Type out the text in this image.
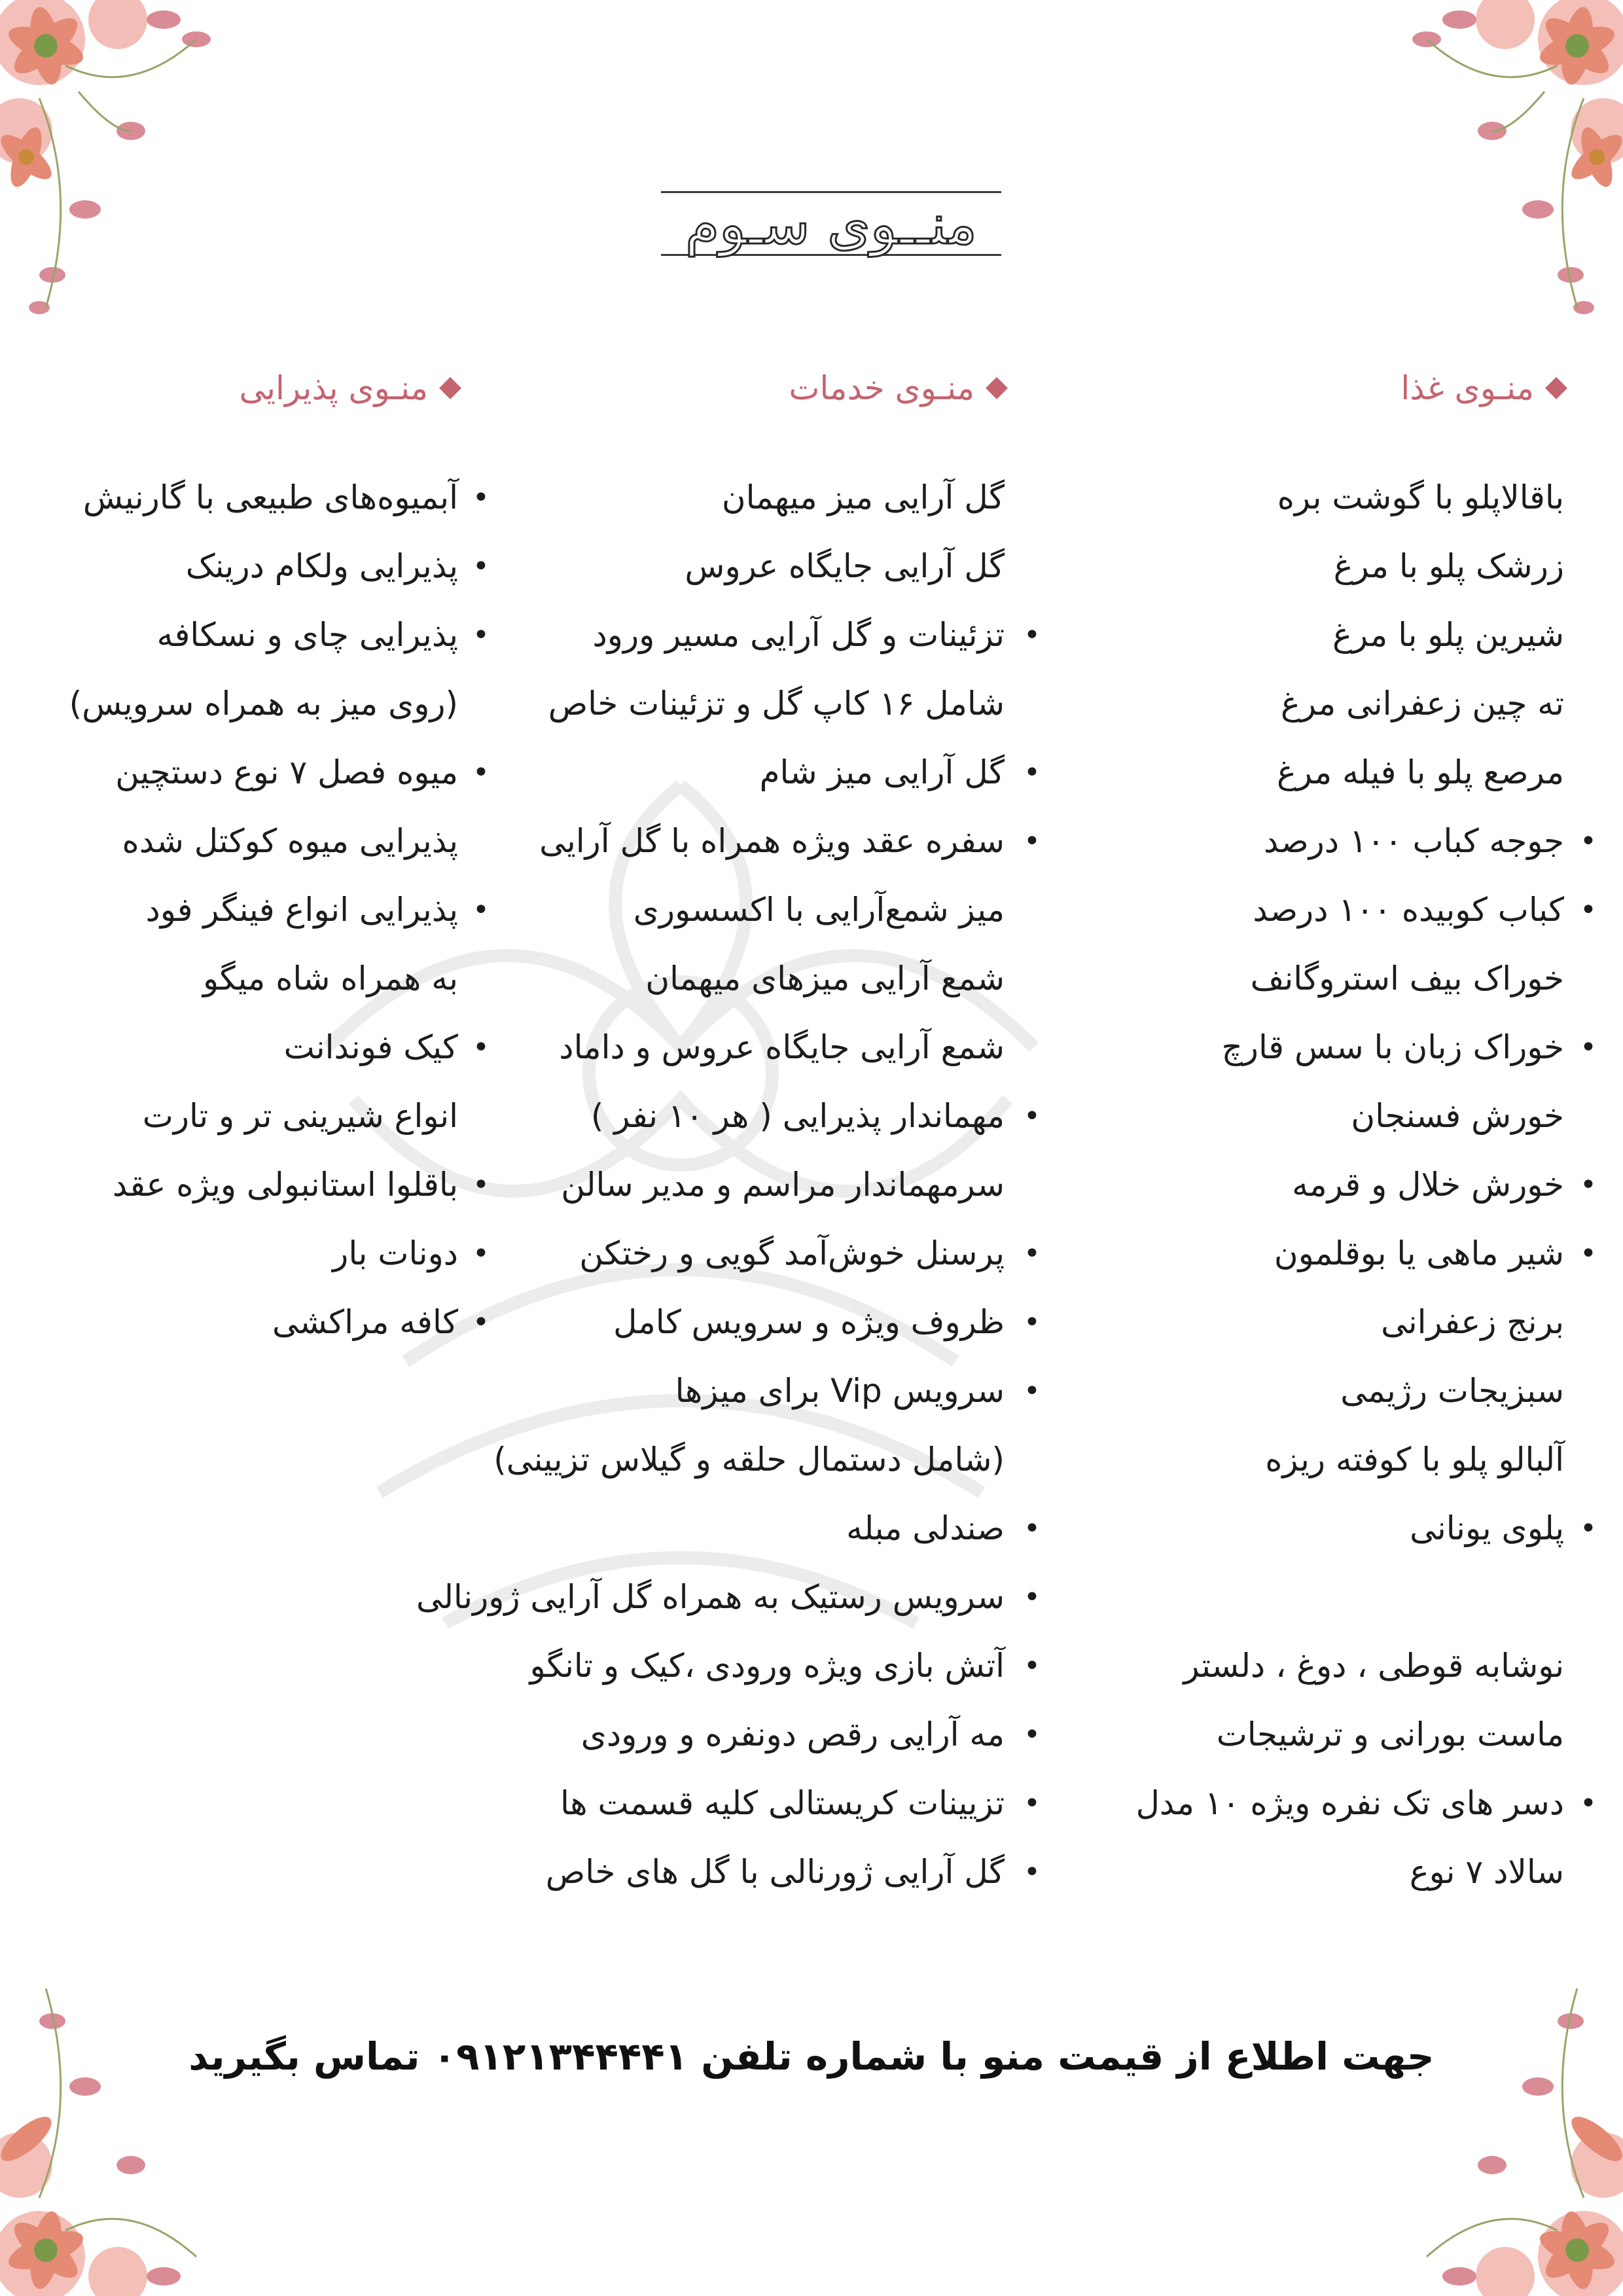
منــوی سـوم
منـوی غذا
باقالاپلو با گوشت بره
زرشک پلو با مرغ
شیرین پلو با مرغ
ته چین زعفرانی مرغ
مرصع پلو با فیله مرغ
•
جوجه کباب ۱۰۰ درصد
•
کباب کوبیده ۱۰۰ درصد
خوراک بیف استروگانف
•
خوراک زبان با سس قارچ
خورش فسنجان
•
خورش خلال و قرمه
•
شیر ماهی یا بوقلمون
برنج زعفرانی
سبزیجات رژیمی
آلبالو پلو با کوفته ریزه
•
پلوی یونانی
نوشابه قوطی ، دوغ ، دلستر
ماست بورانی و ترشیجات
•
دسر های تک نفره ویژه ۱۰ مدل
سالاد ۷ نوع
منـوی خدمات
گل آرایی میز میهمان
گل آرایی جایگاه عروس
•
تزئینات و گل آرایی مسیر ورود
شامل ۱۶ کاپ گل و تزئینات خاص
•
گل آرایی میز شام
•
سفره عقد ویژه همراه با گل آرایی
میز شمع‌آرایی با اکسسوری
شمع آرایی میزهای میهمان
شمع آرایی جایگاه عروس و داماد
•
مهماندار پذیرایی ( هر ۱۰ نفر )
سرمهماندار مراسم و مدیر سالن
•
پرسنل خوش‌آمد گویی و رختکن
•
ظروف ویژه و سرویس کامل
•
سرویس Vip برای میزها
(شامل دستمال حلقه و گیلاس تزیینی)
•
صندلی مبله
•
سرویس رستیک به همراه گل آرایی ژورنالی
•
آتش بازی ویژه ورودی ،کیک و تانگو
•
مه آرایی رقص دونفره و ورودی
•
تزیینات کریستالی کلیه قسمت ها
•
گل آرایی ژورنالی با گل های خاص
منـوی پذیرایی
•
آبمیوه‌های طبیعی با گارنیش
•
پذیرایی ولکام درینک
•
پذیرایی چای و نسکافه
(روی میز به همراه سرویس)
•
میوه فصل ۷ نوع دستچین
پذیرایی میوه کوکتل شده
•
پذیرایی انواع فینگر فود
به همراه شاه میگو
•
کیک فوندانت
انواع شیرینی تر و تارت
•
باقلوا استانبولی ویژه عقد
•
دونات بار
•
کافه مراکشی
جهت اطلاع از قیمت منو با شماره تلفن ۰۹۱۲۱۳۴۴۴۴۱ تماس بگیرید
